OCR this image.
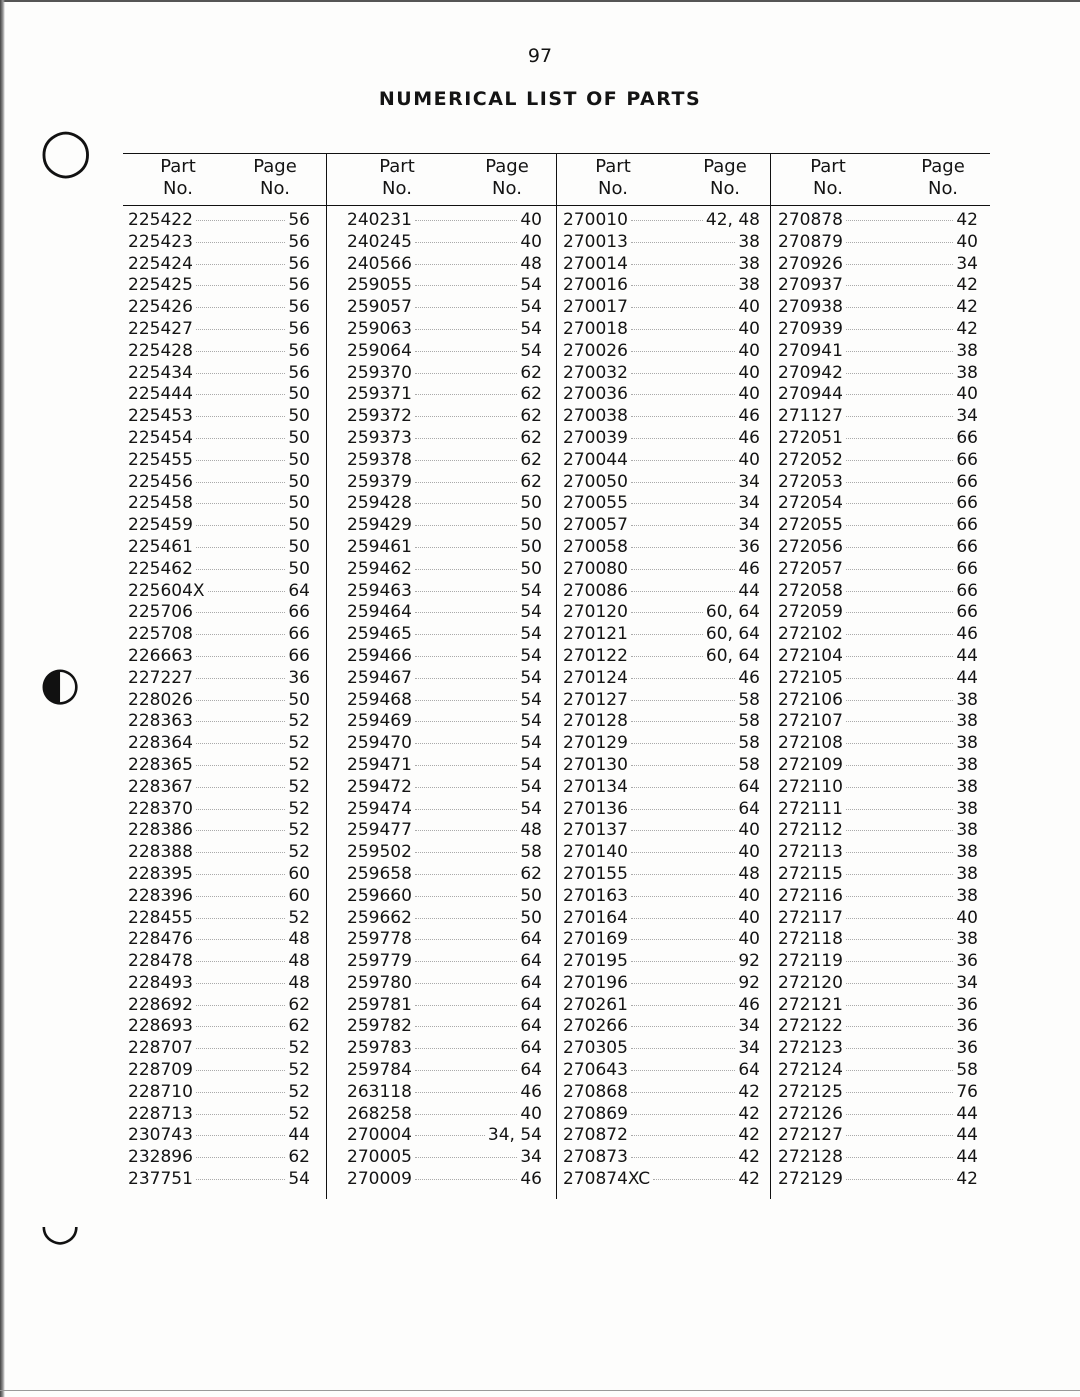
◯
◐
◡
97
NUMERICAL LIST OF PARTS
Part
No.
Page
No.
225422	56
225423	56
225424	56
225425	56
225426	56
225427	56
225428	56
225434	56
225444	50
225453	50
225454	50
225455	50
225456	50
225458	50
225459	50
225461	50
225462	50
225604X	64
225706	66
225708	66
226663	66
227227	36
228026	50
228363	52
228364	52
228365	52
228367	52
228370	52
228386	52
228388	52
228395	60
228396	60
228455	52
228476	48
228478	48
228493	48
228692	62
228693	62
228707	52
228709	52
228710	52
228713	52
230743	44
232896	62
237751	54
Part
No.
Page
No.
240231	40
240245	40
240566	48
259055	54
259057	54
259063	54
259064	54
259370	62
259371	62
259372	62
259373	62
259378	62
259379	62
259428	50
259429	50
259461	50
259462	50
259463	54
259464	54
259465	54
259466	54
259467	54
259468	54
259469	54
259470	54
259471	54
259472	54
259474	54
259477	48
259502	58
259658	62
259660	50
259662	50
259778	64
259779	64
259780	64
259781	64
259782	64
259783	64
259784	64
263118	46
268258	40
270004	34, 54
270005	34
270009	46
Part
No.
Page
No.
270010	42, 48
270013	38
270014	38
270016	38
270017	40
270018	40
270026	40
270032	40
270036	40
270038	46
270039	46
270044	40
270050	34
270055	34
270057	34
270058	36
270080	46
270086	44
270120	60, 64
270121	60, 64
270122	60, 64
270124	46
270127	58
270128	58
270129	58
270130	58
270134	64
270136	64
270137	40
270140	40
270155	48
270163	40
270164	40
270169	40
270195	92
270196	92
270261	46
270266	34
270305	34
270643	64
270868	42
270869	42
270872	42
270873	42
270874XC	42
Part
No.
Page
No.
270878	42
270879	40
270926	34
270937	42
270938	42
270939	42
270941	38
270942	38
270944	40
271127	34
272051	66
272052	66
272053	66
272054	66
272055	66
272056	66
272057	66
272058	66
272059	66
272102	46
272104	44
272105	44
272106	38
272107	38
272108	38
272109	38
272110	38
272111	38
272112	38
272113	38
272115	38
272116	38
272117	40
272118	38
272119	36
272120	34
272121	36
272122	36
272123	36
272124	58
272125	76
272126	44
272127	44
272128	44
272129	42
